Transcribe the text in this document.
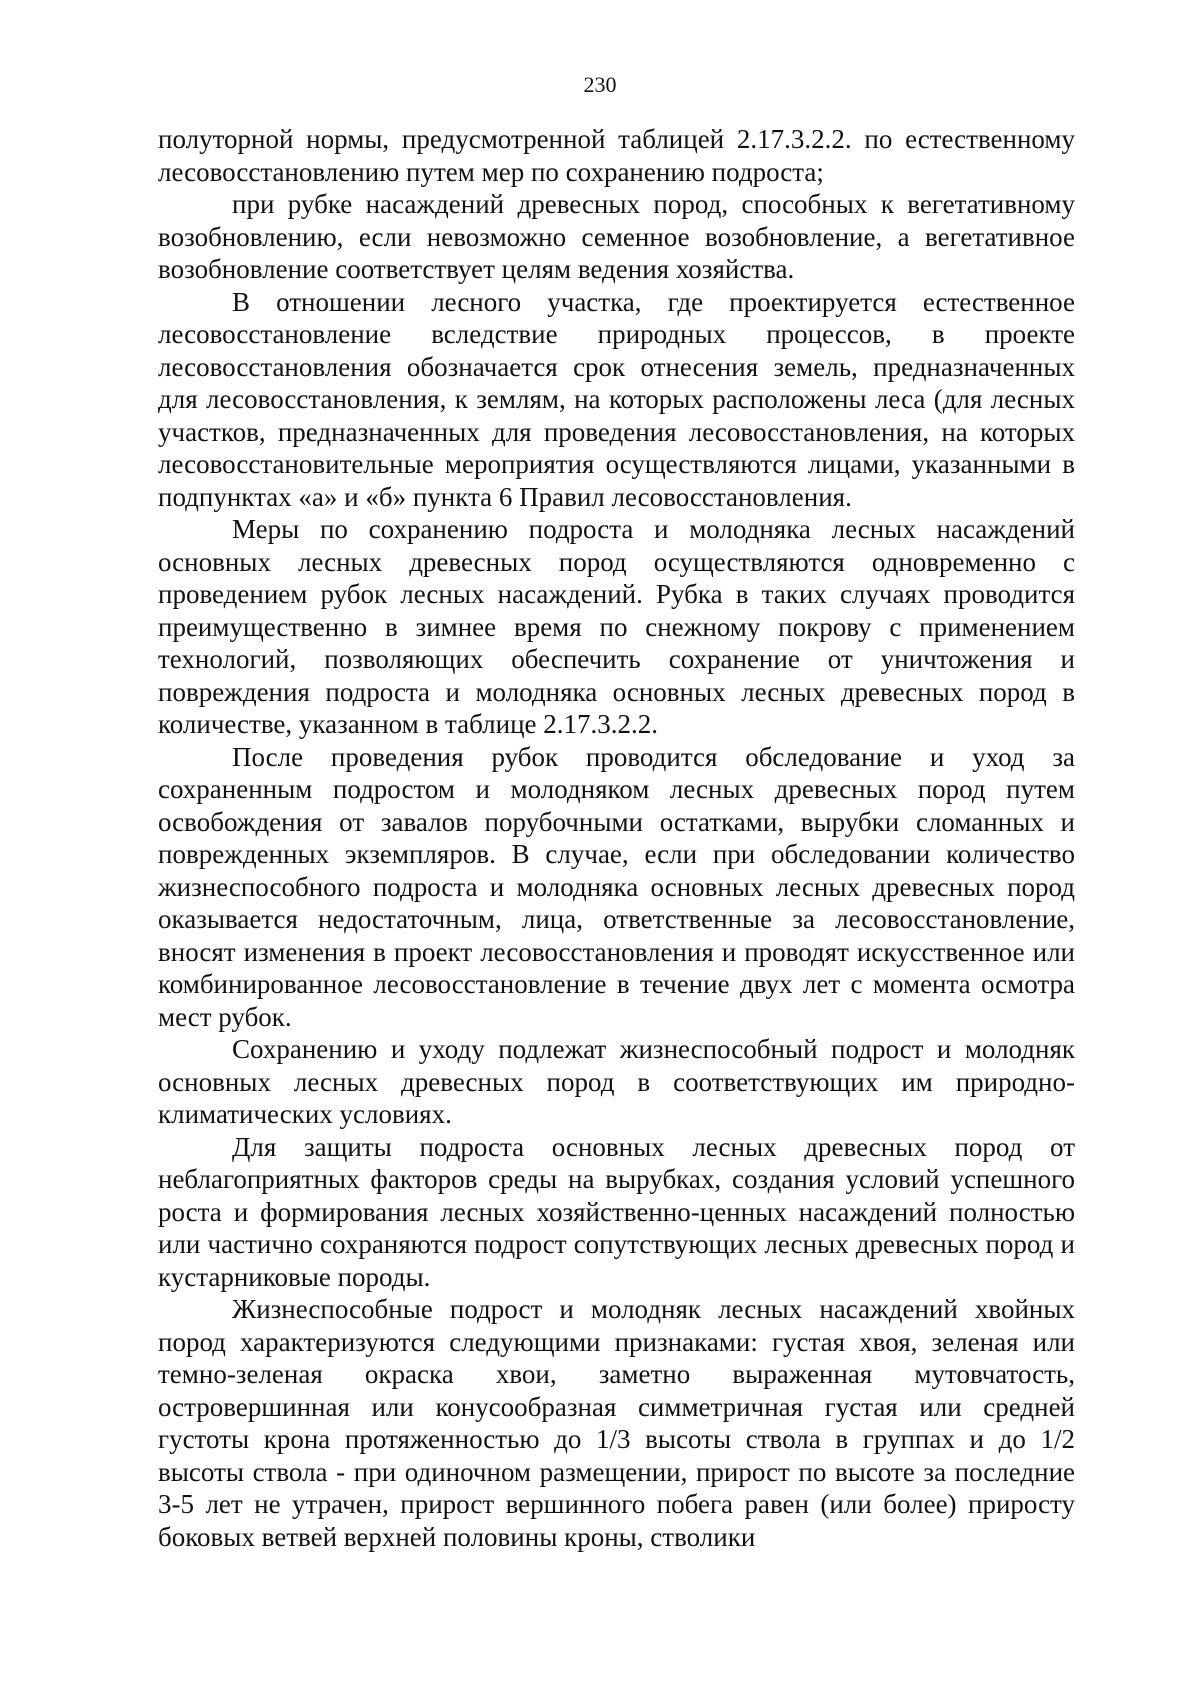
230

полуторной нормы, предусмотренной таблицей 2.17.3.2.2. по естественному лесовосстановлению путем мер по сохранению подроста;

при рубке насаждений древесных пород, способных к вегетативному возобновлению, если невозможно семенное возобновление, а вегетативное возобновление соответствует целям ведения хозяйства.

В отношении лесного участка, где проектируется естественное лесовосстановление вследствие природных процессов, в проекте лесовосстановления обозначается срок отнесения земель, предназначенных для лесовосстановления, к землям, на которых расположены леса (для лесных участков, предназначенных для проведения лесовосстановления, на которых лесовосстановительные мероприятия осуществляются лицами, указанными в подпунктах «а» и «б» пункта 6 Правил лесовосстановления.

Меры по сохранению подроста и молодняка лесных насаждений основных лесных древесных пород осуществляются одновременно с проведением рубок лесных насаждений. Рубка в таких случаях проводится преимущественно в зимнее время по снежному покрову с применением технологий, позволяющих обеспечить сохранение от уничтожения и повреждения подроста и молодняка основных лесных древесных пород в количестве, указанном в таблице 2.17.3.2.2.

После проведения рубок проводится обследование и уход за сохраненным подростом и молодняком лесных древесных пород путем освобождения от завалов порубочными остатками, вырубки сломанных и поврежденных экземпляров. В случае, если при обследовании количество жизнеспособного подроста и молодняка основных лесных древесных пород оказывается недостаточным, лица, ответственные за лесовосстановление, вносят изменения в проект лесовосстановления и проводят искусственное или комбинированное лесовосстановление в течение двух лет с момента осмотра мест рубок.

Сохранению и уходу подлежат жизнеспособный подрост и молодняк основных лесных древесных пород в соответствующих им природно-климатических условиях.

Для защиты подроста основных лесных древесных пород от неблагоприятных факторов среды на вырубках, создания условий успешного роста и формирования лесных хозяйственно-ценных насаждений полностью или частично сохраняются подрост сопутствующих лесных древесных пород и кустарниковые породы.

Жизнеспособные подрост и молодняк лесных насаждений хвойных пород характеризуются следующими признаками: густая хвоя, зеленая или темно-зеленая окраска хвои, заметно выраженная мутовчатость, островершинная или конусообразная симметричная густая или средней густоты крона протяженностью до 1/3 высоты ствола в группах и до 1/2 высоты ствола - при одиночном размещении, прирост по высоте за последние 3-5 лет не утрачен, прирост вершинного побега равен (или более) приросту боковых ветвей верхней половины кроны, стволики
